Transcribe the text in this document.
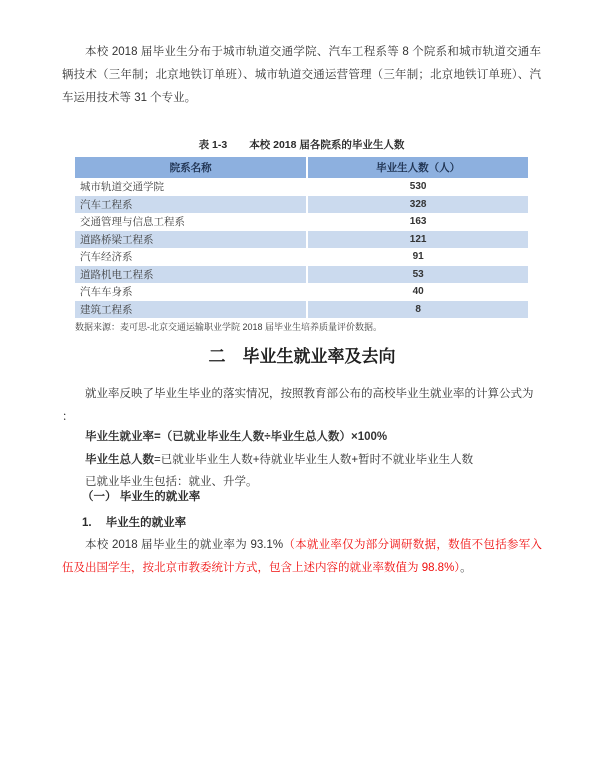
本校 2018 届毕业生分布于城市轨道交通学院、汽车工程系等 8 个院系和城市轨道交通车辆技术（三年制；北京地铁订单班）、城市轨道交通运营管理（三年制；北京地铁订单班）、汽车运用技术等 31 个专业。
表 1-3 本校 2018 届各院系的毕业生人数
院系名称	毕业生人数（人）
城市轨道交通学院	530
汽车工程系	328
交通管理与信息工程系	163
道路桥梁工程系	121
汽车经济系	91
道路机电工程系	53
汽车车身系	40
建筑工程系	8
数据来源：麦可思-北京交通运输职业学院 2018 届毕业生培养质量评价数据。
二 毕业生就业率及去向
就业率反映了毕业生毕业的落实情况，按照教育部公布的高校毕业生就业率的计算公式为
：
毕业生就业率=（已就业毕业生人数÷毕业生总人数）×100%
毕业生总人数=已就业毕业生人数+待就业毕业生人数+暂时不就业毕业生人数
已就业毕业生包括：就业、升学。
（一） 毕业生的就业率
1. 毕业生的就业率
本校 2018 届毕业生的就业率为 93.1%（本就业率仅为部分调研数据，数值不包括参军入伍及出国学生，按北京市教委统计方式，包含上述内容的就业率数值为 98.8%）。
